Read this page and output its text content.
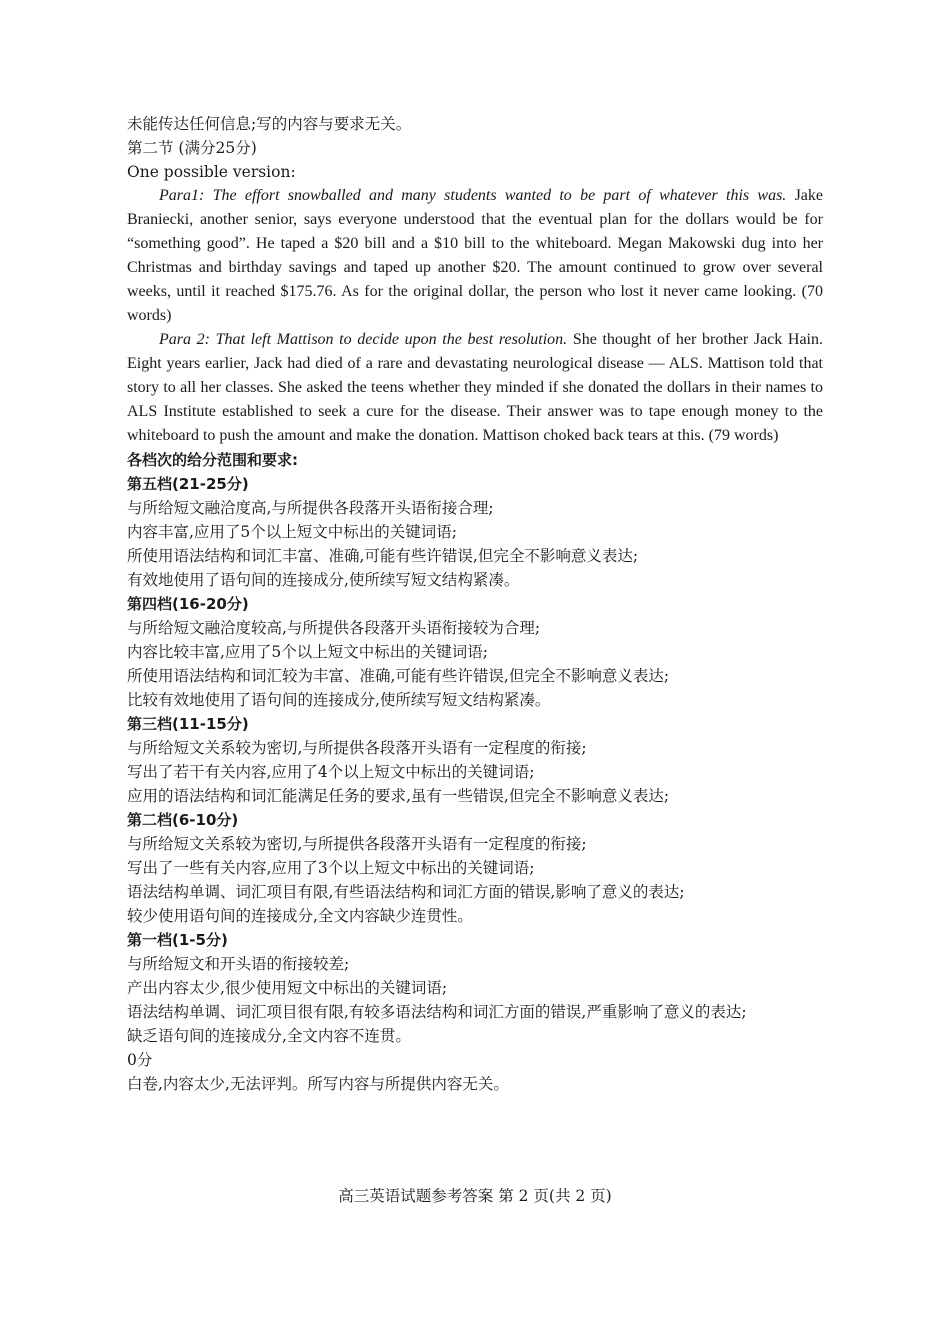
未能传达任何信息;写的内容与要求无关。
第二节 (满分25分)
One possible version:

Para1: The effort snowballed and many students wanted to be part of whatever this was. Jake Braniecki, another senior, says everyone understood that the eventual plan for the dollars would be for “something good”. He taped a $20 bill and a $10 bill to the whiteboard. Megan Makowski dug into her Christmas and birthday savings and taped up another $20. The amount continued to grow over several weeks, until it reached $175.76. As for the original dollar, the person who lost it never came looking. (70 words)

Para 2: That left Mattison to decide upon the best resolution. She thought of her brother Jack Hain. Eight years earlier, Jack had died of a rare and devastating neurological disease — ALS. Mattison told that story to all her classes. She asked the teens whether they minded if she donated the dollars in their names to ALS Institute established to seek a cure for the disease. Their answer was to tape enough money to the whiteboard to push the amount and make the donation. Mattison choked back tears at this. (79 words)

各档次的给分范围和要求:
第五档(21-25分)
与所给短文融洽度高,与所提供各段落开头语衔接合理;
内容丰富,应用了5个以上短文中标出的关键词语;
所使用语法结构和词汇丰富、准确,可能有些许错误,但完全不影响意义表达;
有效地使用了语句间的连接成分,使所续写短文结构紧凑。
第四档(16-20分)
与所给短文融洽度较高,与所提供各段落开头语衔接较为合理;
内容比较丰富,应用了5个以上短文中标出的关键词语;
所使用语法结构和词汇较为丰富、准确,可能有些许错误,但完全不影响意义表达;
比较有效地使用了语句间的连接成分,使所续写短文结构紧凑。
第三档(11-15分)
与所给短文关系较为密切,与所提供各段落开头语有一定程度的衔接;
写出了若干有关内容,应用了4个以上短文中标出的关键词语;
应用的语法结构和词汇能满足任务的要求,虽有一些错误,但完全不影响意义表达;
第二档(6-10分)
与所给短文关系较为密切,与所提供各段落开头语有一定程度的衔接;
写出了一些有关内容,应用了3个以上短文中标出的关键词语;
语法结构单调、词汇项目有限,有些语法结构和词汇方面的错误,影响了意义的表达;
较少使用语句间的连接成分,全文内容缺少连贯性。
第一档(1-5分)
与所给短文和开头语的衔接较差;
产出内容太少,很少使用短文中标出的关键词语;
语法结构单调、词汇项目很有限,有较多语法结构和词汇方面的错误,严重影响了意义的表达;
缺乏语句间的连接成分,全文内容不连贯。
0分
白卷,内容太少,无法评判。所写内容与所提供内容无关。
高三英语试题参考答案 第 2 页(共 2 页)
